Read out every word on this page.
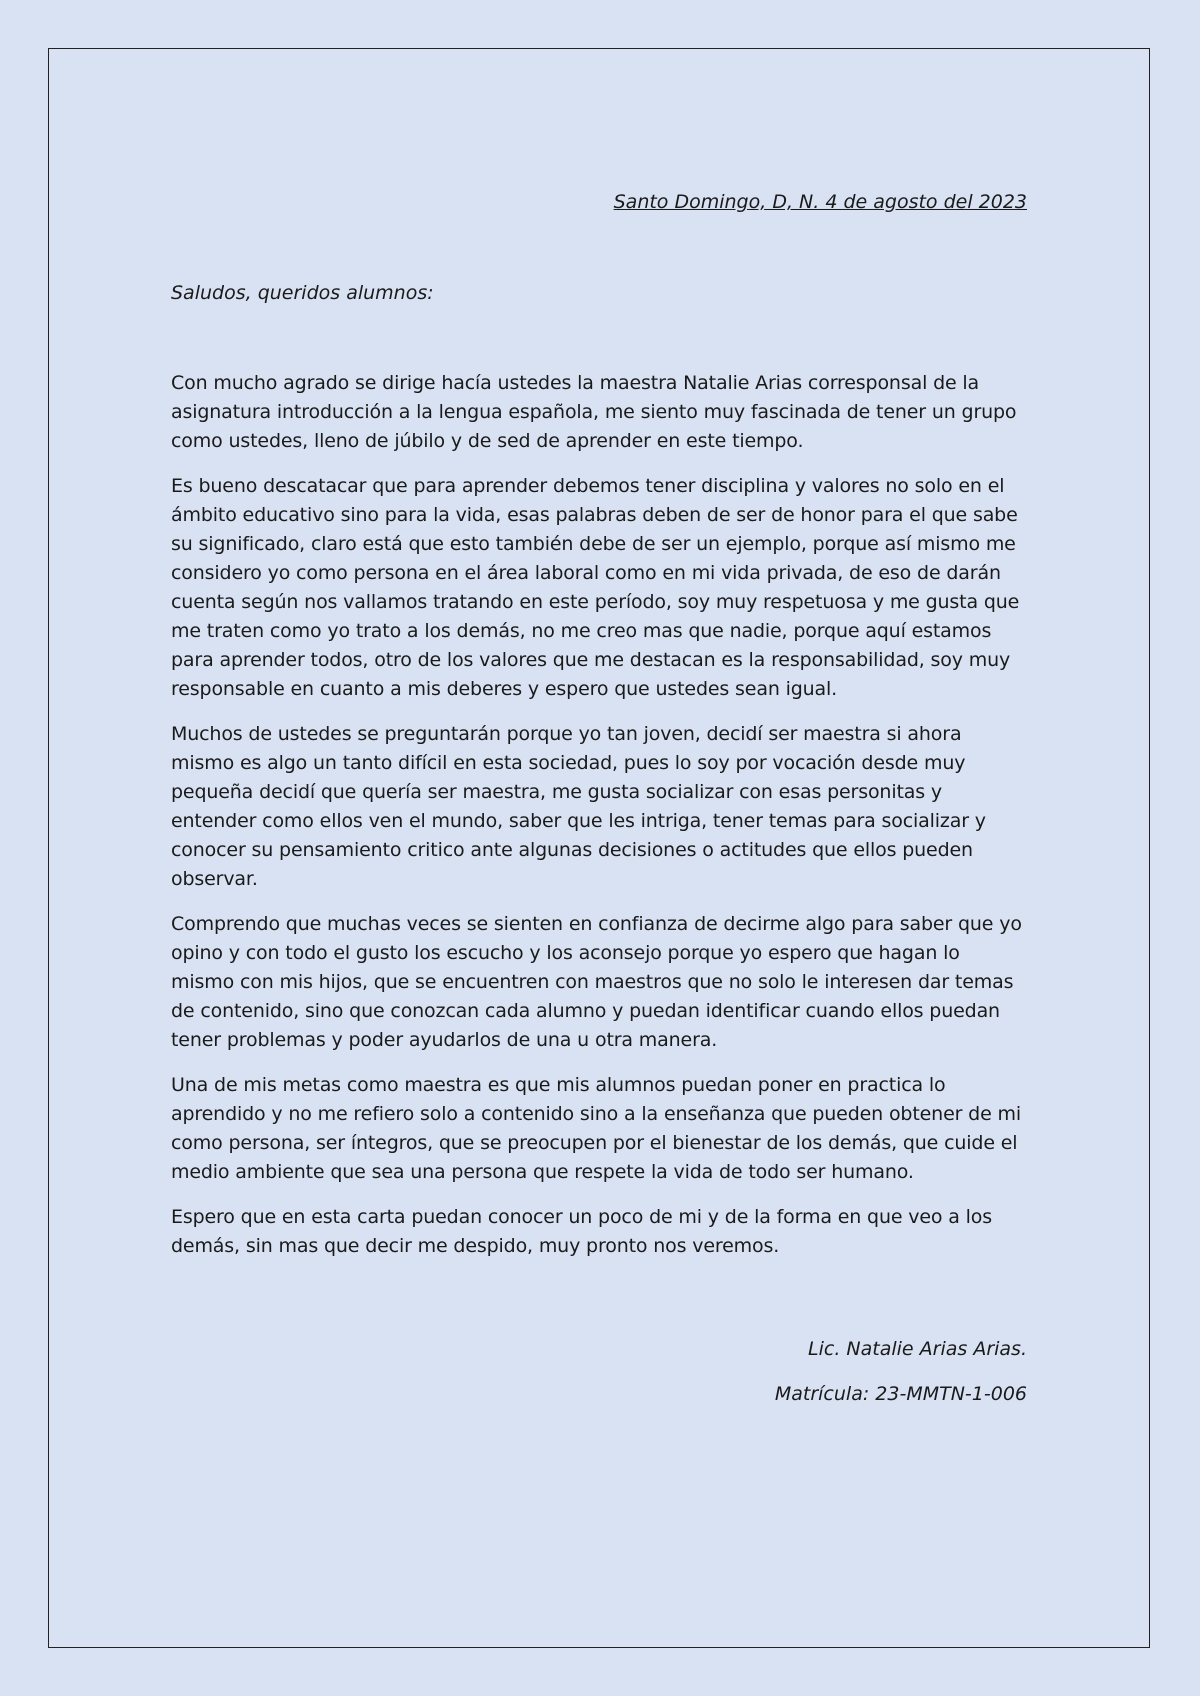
Santo Domingo, D, N. 4 de agosto del 2023

Saludos, queridos alumnos:

Con mucho agrado se dirige hacía ustedes la maestra Natalie Arias corresponsal de la asignatura introducción a la lengua española, me siento muy fascinada de tener un grupo como ustedes, lleno de júbilo y de sed de aprender en este tiempo.

Es bueno descatacar que para aprender debemos tener disciplina y valores no solo en el ámbito educativo sino para la vida, esas palabras deben de ser de honor para el que sabe su significado, claro está que esto también debe de ser un ejemplo, porque así mismo me considero yo como persona en el área laboral como en mi vida privada, de eso de darán cuenta según nos vallamos tratando en este período, soy muy respetuosa y me gusta que me traten como yo trato a los demás, no me creo mas que nadie, porque aquí estamos para aprender todos, otro de los valores que me destacan es la responsabilidad, soy muy responsable en cuanto a mis deberes y espero que ustedes sean igual.

Muchos de ustedes se preguntarán porque yo tan joven, decidí ser maestra si ahora mismo es algo un tanto difícil en esta sociedad, pues lo soy por vocación desde muy pequeña decidí que quería ser maestra, me gusta socializar con esas personitas y entender como ellos ven el mundo, saber que les intriga, tener temas para socializar y conocer su pensamiento critico ante algunas decisiones o actitudes que ellos pueden observar.

Comprendo que muchas veces se sienten en confianza de decirme algo para saber que yo opino y con todo el gusto los escucho y los aconsejo porque yo espero que hagan lo mismo con mis hijos, que se encuentren con maestros que no solo le interesen dar temas de contenido, sino que conozcan cada alumno y puedan identificar cuando ellos puedan tener problemas y poder ayudarlos de una u otra manera.

Una de mis metas como maestra es que mis alumnos puedan poner en practica lo aprendido y no me refiero solo a contenido sino a la enseñanza que pueden obtener de mi como persona, ser íntegros, que se preocupen por el bienestar de los demás, que cuide el medio ambiente que sea una persona que respete la vida de todo ser humano.

Espero que en esta carta puedan conocer un poco de mi y de la forma en que veo a los demás, sin mas que decir me despido, muy pronto nos veremos.

Lic. Natalie Arias Arias.

Matrícula: 23-MMTN-1-006
